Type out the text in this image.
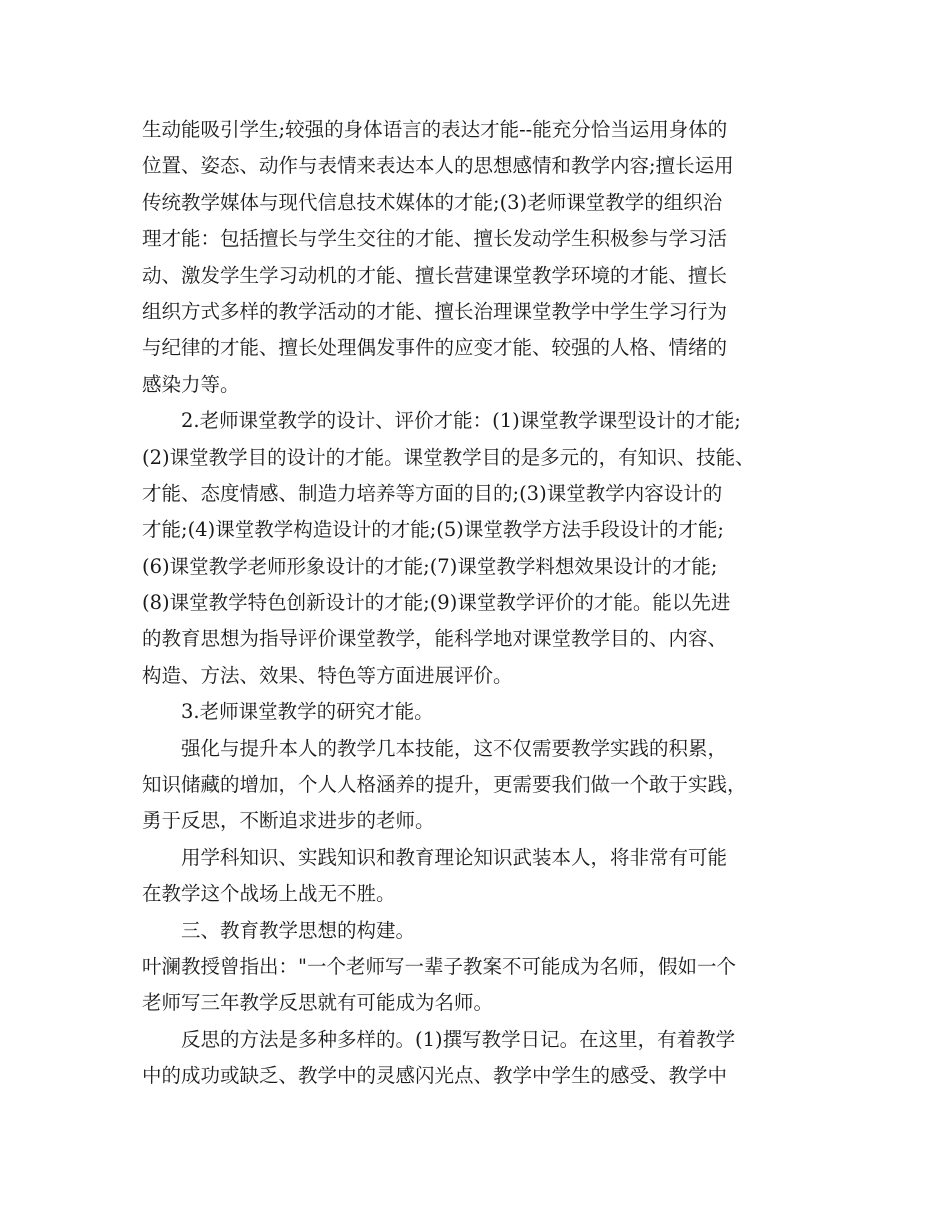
生动能吸引学生;较强的身体语言的表达才能--能充分恰当运用身体的
位置、姿态、动作与表情来表达本人的思想感情和教学内容;擅长运用
传统教学媒体与现代信息技术媒体的才能;(3)老师课堂教学的组织治
理才能：包括擅长与学生交往的才能、擅长发动学生积极参与学习活
动、激发学生学习动机的才能、擅长营建课堂教学环境的才能、擅长
组织方式多样的教学活动的才能、擅长治理课堂教学中学生学习行为
与纪律的才能、擅长处理偶发事件的应变才能、较强的人格、情绪的
感染力等。
2.老师课堂教学的设计、评价才能：(1)课堂教学课型设计的才能;
(2)课堂教学目的设计的才能。课堂教学目的是多元的，有知识、技能、
才能、态度情感、制造力培养等方面的目的;(3)课堂教学内容设计的
才能;(4)课堂教学构造设计的才能;(5)课堂教学方法手段设计的才能;
(6)课堂教学老师形象设计的才能;(7)课堂教学料想效果设计的才能;
(8)课堂教学特色创新设计的才能;(9)课堂教学评价的才能。能以先进
的教育思想为指导评价课堂教学，能科学地对课堂教学目的、内容、
构造、方法、效果、特色等方面进展评价。
3.老师课堂教学的研究才能。
强化与提升本人的教学几本技能，这不仅需要教学实践的积累，
知识储藏的增加，个人人格涵养的提升，更需要我们做一个敢于实践，
勇于反思，不断追求进步的老师。
用学科知识、实践知识和教育理论知识武装本人，将非常有可能
在教学这个战场上战无不胜。
三、教育教学思想的构建。
叶澜教授曾指出："一个老师写一辈子教案不可能成为名师，假如一个
老师写三年教学反思就有可能成为名师。
反思的方法是多种多样的。(1)撰写教学日记。在这里，有着教学
中的成功或缺乏、教学中的灵感闪光点、教学中学生的感受、教学中
